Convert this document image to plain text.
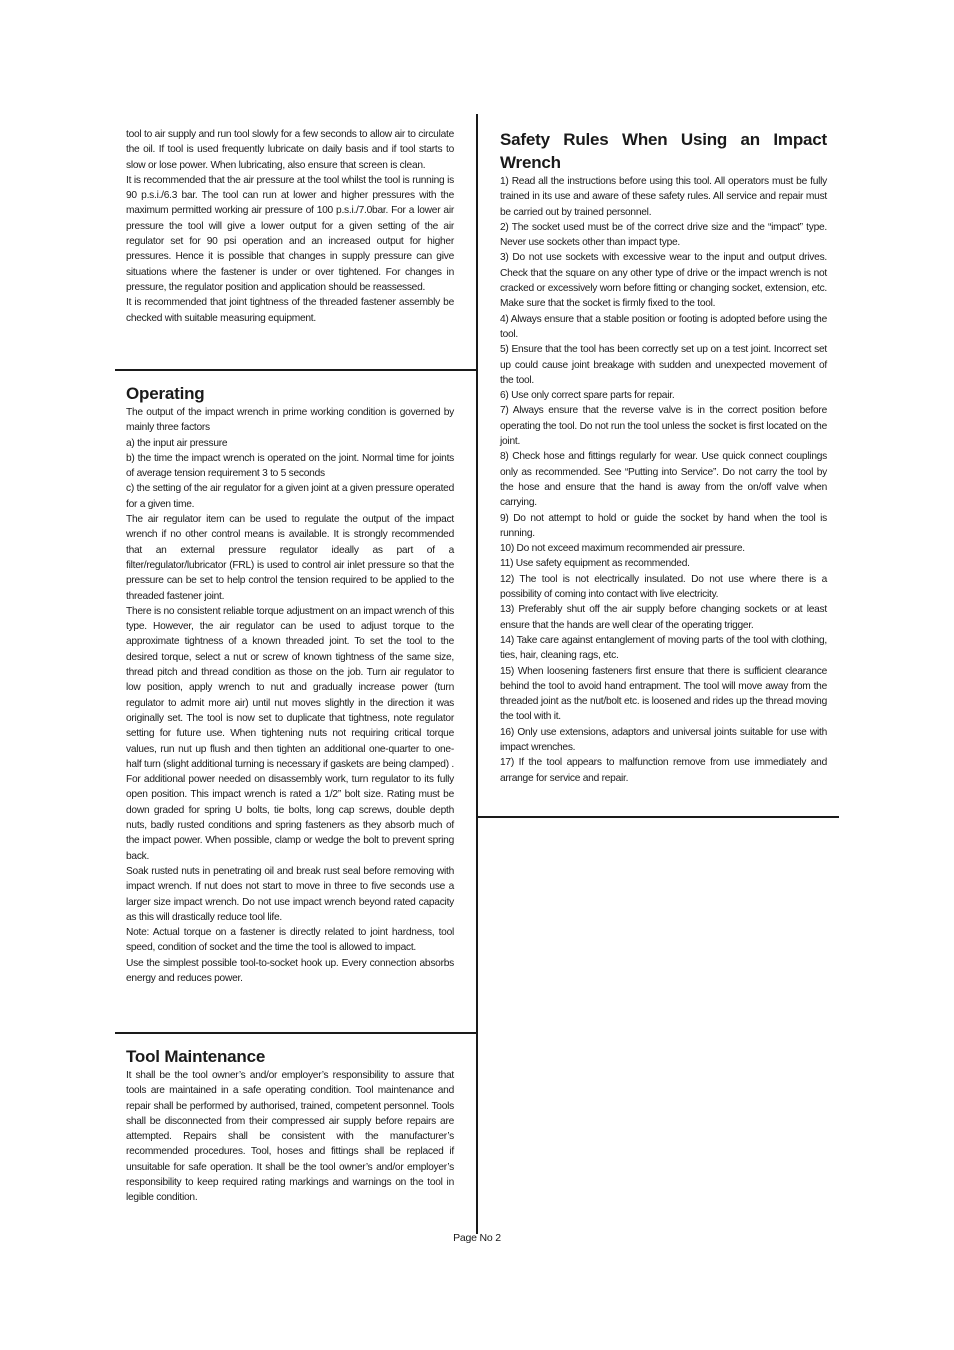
tool to air supply and run tool slowly for a few seconds to allow air to circulate the oil. If tool is used frequently lubricate on daily basis and if tool starts to slow or lose power. When lubricating, also ensure that screen is clean.

It is recommended that the air pressure at the tool whilst the tool is running is 90 p.s.i./6.3 bar. The tool can run at lower and higher pressures with the maximum permitted working air pressure of 100 p.s.i./7.0bar. For a lower air pressure the tool will give a lower output for a given setting of the air regulator set for 90 psi operation and an increased output for higher pressures. Hence it is possible that changes in supply pressure can give situations where the fastener is under or over tightened. For changes in pressure, the regulator position and application should be reassessed.

It is recommended that joint tightness of the threaded fastener assembly be checked with suitable measuring equipment.

Operating

The output of the impact wrench in prime working condition is governed by mainly three factors

a) the input air pressure

b) the time the impact wrench is operated on the joint. Normal time for joints of average tension requirement 3 to 5 seconds

c) the setting of the air regulator for a given joint at a given pressure operated for a given time.

The air regulator item can be used to regulate the output of the impact wrench if no other control means is available. It is strongly recommended that an external pressure regulator ideally as part of a filter/regulator/lubricator (FRL) is used to control air inlet pressure so that the pressure can be set to help control the tension required to be applied to the threaded fastener joint.

There is no consistent reliable torque adjustment on an impact wrench of this type. However, the air regulator can be used to adjust torque to the approximate tightness of a known threaded joint. To set the tool to the desired torque, select a nut or screw of known tightness of the same size, thread pitch and thread condition as those on the job. Turn air regulator to low position, apply wrench to nut and gradually increase power (turn regulator to admit more air) until nut moves slightly in the direction it was originally set. The tool is now set to duplicate that tightness, note regulator setting for future use. When tightening nuts not requiring critical torque values, run nut up flush and then tighten an additional one-quarter to one-half turn (slight additional turning is necessary if gaskets are being clamped) . For additional power needed on disassembly work, turn regulator to its fully open position. This impact wrench is rated a 1/2” bolt size. Rating must be down graded for spring U bolts, tie bolts, long cap screws, double depth nuts, badly rusted conditions and spring fasteners as they absorb much of the impact power. When possible, clamp or wedge the bolt to prevent spring back.

Soak rusted nuts in penetrating oil and break rust seal before removing with impact wrench. If nut does not start to move in three to five seconds use a larger size impact wrench. Do not use impact wrench beyond rated capacity as this will drastically reduce tool life.

Note: Actual torque on a fastener is directly related to joint hardness, tool speed, condition of socket and the time the tool is allowed to impact.

Use the simplest possible tool-to-socket hook up. Every connection absorbs energy and reduces power.

Tool Maintenance

It shall be the tool owner’s and/or employer’s responsibility to assure that tools are maintained in a safe operating condition. Tool maintenance and repair shall be performed by authorised, trained, competent personnel. Tools shall be disconnected from their compressed air supply before repairs are attempted. Repairs shall be consistent with the manufacturer’s recommended procedures. Tool, hoses and fittings shall be replaced if unsuitable for safe operation. It shall be the tool owner’s and/or employer’s responsibility to keep required rating markings and warnings on the tool in legible condition.

Safety Rules When Using an Impact Wrench

1) Read all the instructions before using this tool. All operators must be fully trained in its use and aware of these safety rules. All service and repair must be carried out by trained personnel.

2) The socket used must be of the correct drive size and the “impact” type. Never use sockets other than impact type.

3) Do not use sockets with excessive wear to the input and output drives. Check that the square on any other type of drive or the impact wrench is not cracked or excessively worn before fitting or changing socket, extension, etc. Make sure that the socket is firmly fixed to the tool.

4) Always ensure that a stable position or footing is adopted before using the tool.

5) Ensure that the tool has been correctly set up on a test joint. Incorrect set up could cause joint breakage with sudden and unexpected movement of the tool.

6) Use only correct spare parts for repair.

7) Always ensure that the reverse valve is in the correct position before operating the tool. Do not run the tool unless the socket is first located on the joint.

8) Check hose and fittings regularly for wear. Use quick connect couplings only as recommended. See “Putting into Service”. Do not carry the tool by the hose and ensure that the hand is away from the on/off valve when carrying.

9) Do not attempt to hold or guide the socket by hand when the tool is running.

10) Do not exceed maximum recommended air pressure.

11) Use safety equipment as recommended.

12) The tool is not electrically insulated. Do not use where there is a possibility of coming into contact with live electricity.

13) Preferably shut off the air supply before changing sockets or at least ensure that the hands are well clear of the operating trigger.

14) Take care against entanglement of moving parts of the tool with clothing, ties, hair, cleaning rags, etc.

15) When loosening fasteners first ensure that there is sufficient clearance behind the tool to avoid hand entrapment. The tool will move away from the threaded joint as the nut/bolt etc. is loosened and rides up the thread moving the tool with it.

16) Only use extensions, adaptors and universal joints suitable for use with impact wrenches.

17) If the tool appears to malfunction remove from use immediately and arrange for service and repair.

Page No 2
